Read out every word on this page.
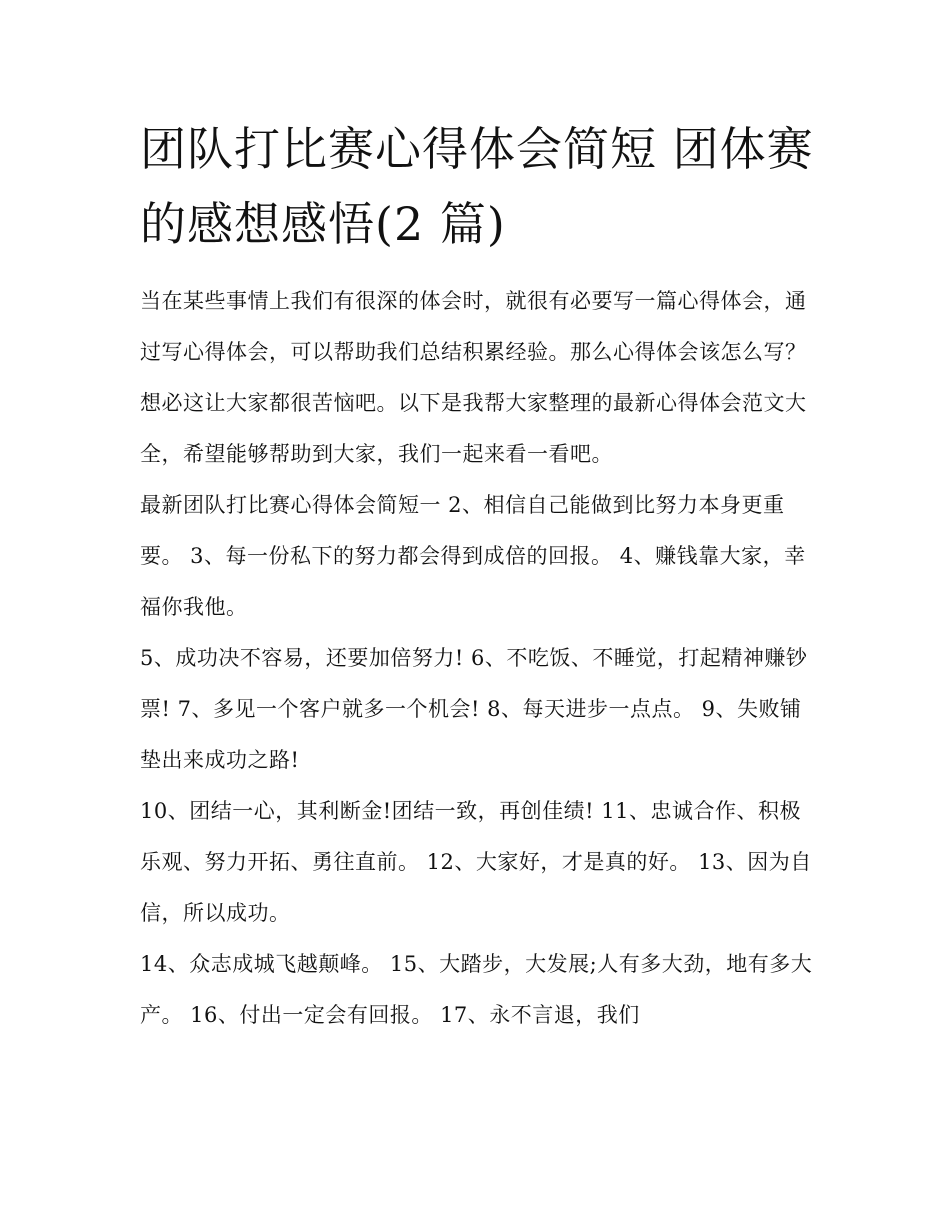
团队打比赛心得体会简短 团体赛的感想感悟(2 篇)

当在某些事情上我们有很深的体会时，就很有必要写一篇心得体会，通过写心得体会，可以帮助我们总结积累经验。那么心得体会该怎么写？想必这让大家都很苦恼吧。以下是我帮大家整理的最新心得体会范文大全，希望能够帮助到大家，我们一起来看一看吧。

最新团队打比赛心得体会简短一 2、相信自己能做到比努力本身更重要。 3、每一份私下的努力都会得到成倍的回报。 4、赚钱靠大家，幸福你我他。

5、成功决不容易，还要加倍努力! 6、不吃饭、不睡觉，打起精神赚钞票! 7、多见一个客户就多一个机会! 8、每天进步一点点。 9、失败铺垫出来成功之路!

10、团结一心，其利断金!团结一致，再创佳绩! 11、忠诚合作、积极乐观、努力开拓、勇往直前。 12、大家好，才是真的好。 13、因为自信，所以成功。

14、众志成城飞越颠峰。 15、大踏步，大发展;人有多大劲，地有多大产。 16、付出一定会有回报。 17、永不言退，我们
